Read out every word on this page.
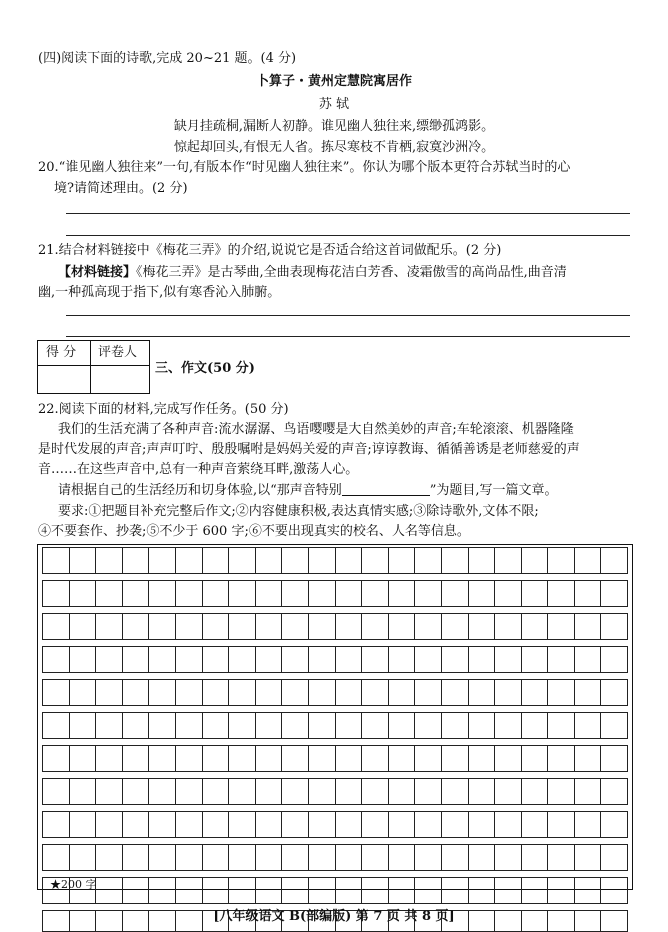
(四)阅读下面的诗歌,完成 20~21 题。(4 分)
卜算子・黄州定慧院寓居作
苏 轼
缺月挂疏桐,漏断人初静。谁见幽人独往来,缥缈孤鸿影。
惊起却回头,有恨无人省。拣尽寒枝不肯栖,寂寞沙洲冷。
20.“谁见幽人独往来”一句,有版本作“时见幽人独往来”。你认为哪个版本更符合苏轼当时的心
境?请简述理由。(2 分)
21.结合材料链接中《梅花三弄》的介绍,说说它是否适合给这首词做配乐。(2 分)
【材料链接】《梅花三弄》是古琴曲,全曲表现梅花洁白芳香、凌霜傲雪的高尚品性,曲音清
幽,一种孤高现于指下,似有寒香沁入肺腑。
得 分 评卷人
三、作文(50 分)
22.阅读下面的材料,完成写作任务。(50 分)
我们的生活充满了各种声音:流水潺潺、鸟语嘤嘤是大自然美妙的声音;车轮滚滚、机器隆隆
是时代发展的声音;声声叮咛、殷殷嘱咐是妈妈关爱的声音;谆谆教诲、循循善诱是老师慈爱的声
音……在这些声音中,总有一种声音萦绕耳畔,激荡人心。
请根据自己的生活经历和切身体验,以“那声音特别	”为题目,写一篇文章。
要求:①把题目补充完整后作文;②内容健康积极,表达真情实感;③除诗歌外,文体不限;
④不要套作、抄袭;⑤不少于 600 字;⑥不要出现真实的校名、人名等信息。
★200 字
[八年级语文 B(部编版) 第 7 页 共 8 页]
